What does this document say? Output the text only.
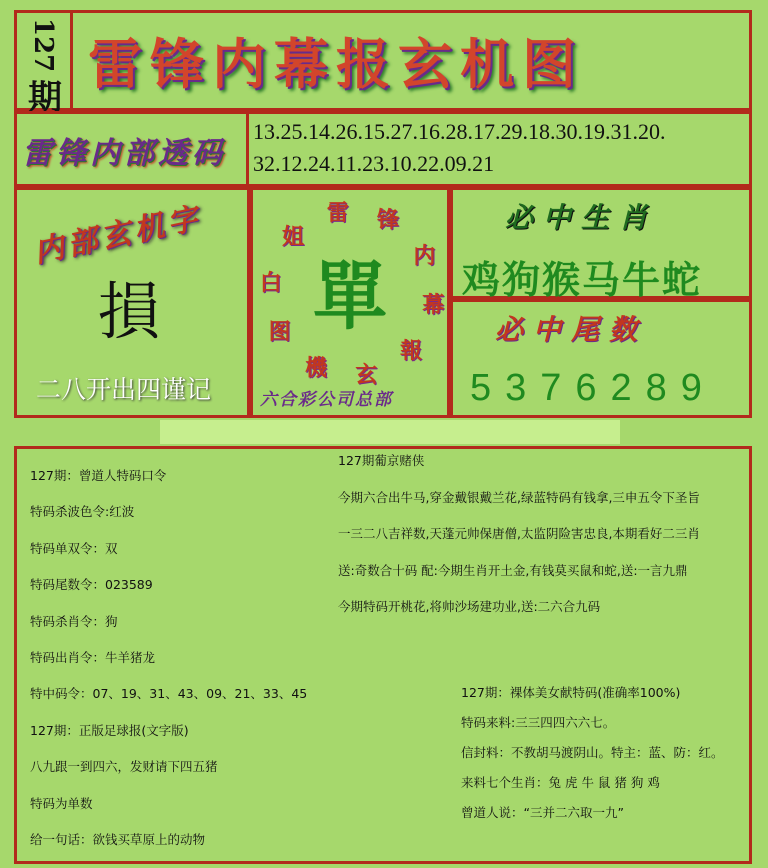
127
期
雷锋内幕报玄机图
雷锋内部透码
13.25.14.26.15.27.16.28.17.29.18.30.19.31.20.
32.12.24.11.23.10.22.09.21
内部玄机字
損
二八开出四谨记
雷 锋
内
幕
報
玄
機
图
白
姐
單
六合彩公司总部
必中生肖
鸡狗猴马牛蛇
必中尾数
5376289
127期：曾道人特码口令
特码杀波色令:红波
特码单双令：双
特码尾数令：023589
特码杀肖令：狗
特码出肖令：牛羊猪龙
特中码令：07、19、31、43、09、21、33、45
127期：正版足球报(文字版)
八九跟一到四六，发财请下四五猪
特码为单数
给一句话：欲钱买草原上的动物
127期葡京赌侠
今期六合出牛马,穿金戴银戴兰花,绿蓝特码有钱拿,三申五令下圣旨
一三二八吉祥数,天蓬元帅保唐僧,太监阴险害忠良,本期看好二三肖
送:奇数合十码 配:今期生肖开土金,有钱莫买鼠和蛇,送:一言九鼎
今期特码开桃花,将帅沙场建功业,送:二六合九码
127期：裸体美女献特码(准确率100%)
特码来料:三三四四六六七。
信封料：不教胡马渡阴山。特主：蓝、防：红。
来料七个生肖：兔 虎 牛 鼠 猪 狗 鸡
曾道人说：“三并二六取一九”
